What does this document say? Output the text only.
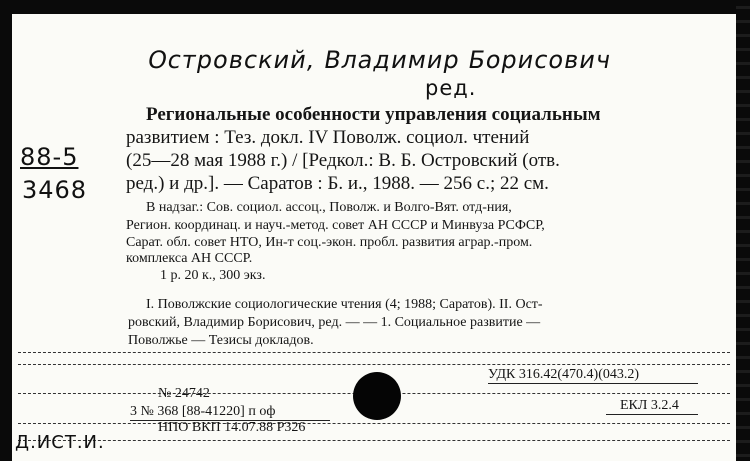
Островский, Владимир Борисович
ред.
88-5
3468
Региональные особенности управления социальным
развитием : Тез. докл. IV Поволж. социол. чтений
(25—28 мая 1988 г.) / [Редкол.: В. Б. Островский (отв.
ред.) и др.]. — Саратов : Б. и., 1988. — 256 с.; 22 см.
В надзаг.: Сов. социол. ассоц., Поволж. и Волго-Вят. отд-ния,
Регион. координац. и науч.-метод. совет АН СССР и Минвуза РСФСР,
Сарат. обл. совет НТО, Ин-т соц.-экон. пробл. развития аграр.-пром.
комплекса АН СССР.
1 р. 20 к., 300 экз.
I. Поволжские социологические чтения (4; 1988; Саратов). II. Ост-
ровский, Владимир Борисович, ред. — — 1. Социальное развитие —
Поволжье — Тезисы докладов.
УДК 316.42(470.4)(043.2)
№ 24742
3 № 368 [88-41220] п оф	ЕКЛ 3.2.4
НПО ВКП 14.07.88 Р326
Д.ИСТ.И.
